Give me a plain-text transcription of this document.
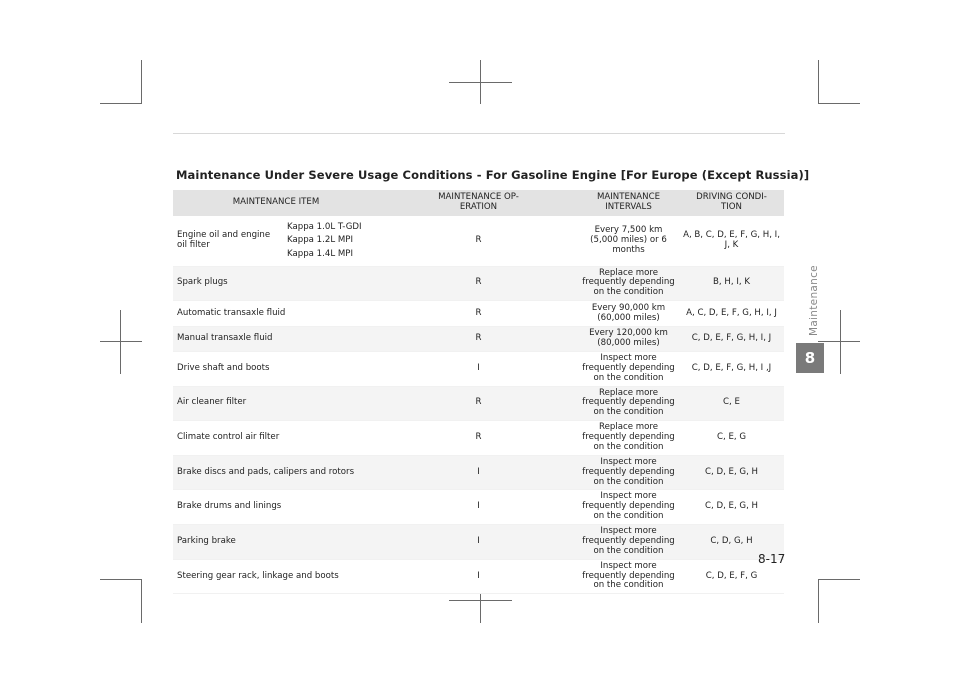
Maintenance Under Severe Usage Conditions - For Gasoline Engine [For Europe (Except Russia)]
MAINTENANCE ITEM		MAINTENANCE OP-
ERATION	MAINTENANCE INTERVALS	DRIVING CONDI-
TION
Engine oil and engine oil filter	Kappa 1.0L T-GDI
Kappa 1.2L MPI
Kappa 1.4L MPI	R	Every 7,500 km (5,000 miles) or 6 months	A, B, C, D, E, F, G, H, I, J, K
Spark plugs		R	Replace more frequently depending on the condition	B, H, I, K
Automatic transaxle fluid		R	Every 90,000 km (60,000 miles)	A, C, D, E, F, G, H, I, J
Manual transaxle fluid		R	Every 120,000 km (80,000 miles)	C, D, E, F, G, H, I, J
Drive shaft and boots		I	Inspect more frequently depending on the condition	C, D, E, F, G, H, I ,J
Air cleaner filter		R	Replace more frequently depending on the condition	C, E
Climate control air filter		R	Replace more frequently depending on the condition	C, E, G
Brake discs and pads, calipers and rotors		I	Inspect more frequently depending on the condition	C, D, E, G, H
Brake drums and linings		I	Inspect more frequently depending on the condition	C, D, E, G, H
Parking brake		I	Inspect more frequently depending on the condition	C, D, G, H
Steering gear rack, linkage and boots		I	Inspect more frequently depending on the condition	C, D, E, F, G
Maintenance
8
8-17
